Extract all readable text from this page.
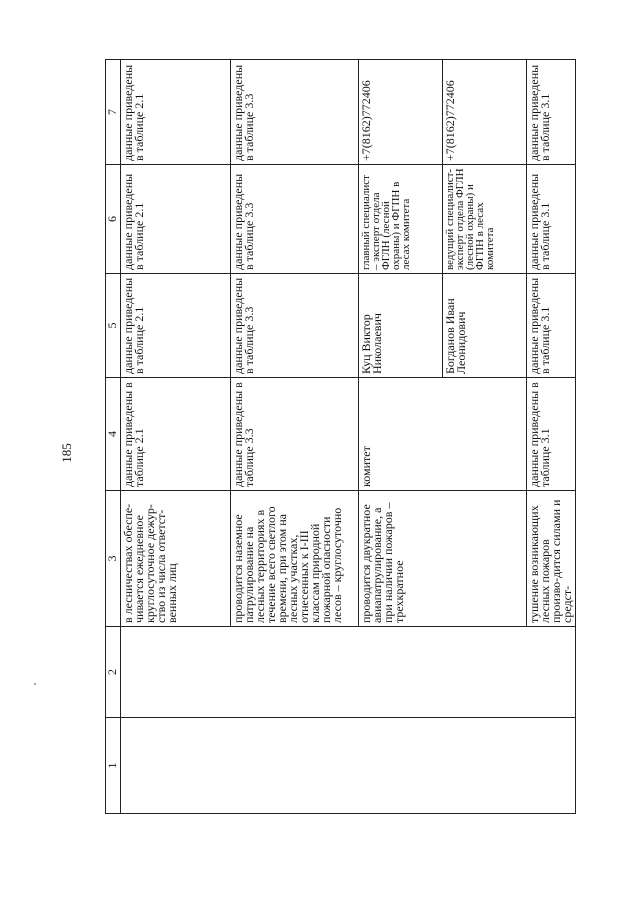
185
1	2	3	4	5	6	7
		в лесничествах обеспе-чивается ежедневное круглосуточное дежур-ство из числа ответст-венных лиц	данные приведены в таблице 2.1	данные приведены в таблице 2.1	данные приведены в таблице 2.1	данные приведены в таблице 2.1
		проводится наземное патрулирование на лесных территориях в течение всего светлого времени, при этом на лесных участках, отнесенных к I-III классам природной пожарной опасности лесов – круглосуточно	данные приведены в таблице 3.3	данные приведены в таблице 3.3	данные приведены в таблице 3.3	данные приведены в таблице 3.3
		проводится двукратное авиапатрулирование, а при наличии пожаров – трехкратное	комитет	Куц Виктор Николаевич	главный специалист – эксперт отдела ФГЛН (лесной охраны) и ФГПН в лесах комитета	+7(8162)772406
				Богданов Иван Леонидович	ведущий специалист-эксперт отдела ФГЛН (лесной охраны) и ФГПН в лесах комитета	+7(8162)772406
		тушение возникающих лесных пожаров произво-дится силами и средст-	данные приведены в таблице 3.1	данные приведены в таблице 3.1	данные приведены в таблице 3.1	данные приведены в таблице 3.1
